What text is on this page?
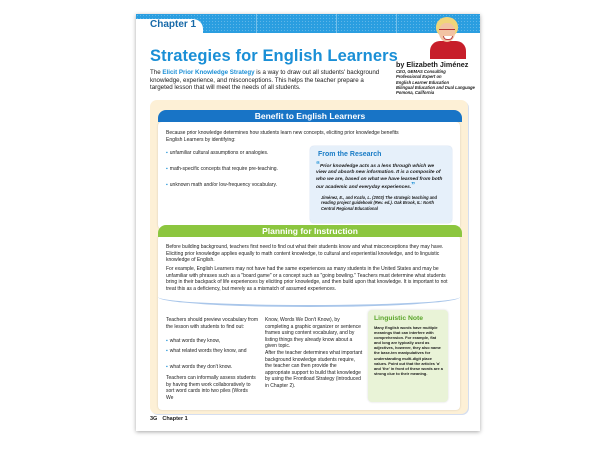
Chapter 1
Strategies for English Learners
The Elicit Prior Knowledge Strategy is a way to draw out all students' background knowledge, experience, and misconceptions. This helps the teacher prepare a targeted lesson that will meet the needs of all students.
by Elizabeth Jiménez
CEO, GEMAS Consulting
Professional Expert on
English Learner Education
Bilingual Education and Dual Language
Pomona, California
Because prior knowledge determines how students learn new concepts, eliciting prior knowledge benefits English Learners by identifying:
▪ unfamiliar cultural assumptions or analogies.
▪ math-specific concepts that require pre-teaching.
▪ unknown math and/or low-frequency vocabulary.
From the Research
“Prior knowledge acts as a lens through which we view and absorb new information. It is a composite of who we are, based on what we have learned from both our academic and everyday experiences.”
Jiménez, E., and Kozlo, L. (2003) The strategic teaching and reading project guidebook (Rev. ed.). Oak Brook, IL: North Central Regional Educational
Benefit to English Learners
Before building background, teachers first need to find out what their students know and what misconceptions they may have. Eliciting prior knowledge applies equally to math content knowledge, to cultural and experiential knowledge, and to linguistic knowledge of English.
For example, English Learners may not have had the same experiences as many students in the United States and may be unfamiliar with phrases such as a "board game" or a concept such as "going bowling." Teachers must determine what students bring in their backpack of life experiences by eliciting prior knowledge, and then build upon that knowledge. It is important to not treat this as a deficiency, but merely as a mismatch of assumed experiences.
Teachers should preview vocabulary from the lesson with students to find out:
▪ what words they know,
▪ what related words they know, and
▪ what words they don't know.
Teachers can informally assess students by having them work collaboratively to sort word cards into two piles (Words We
Know, Words We Don't Know), by completing a graphic organizer or sentence frames using content vocabulary, and by listing things they already know about a given topic.
After the teacher determines what important background knowledge students require, the teacher can then provide the appropriate support to build that knowledge by using the Frontload Strategy (introduced in Chapter 2).
Linguistic Note
Many English words have multiple meanings that can interfere with comprehension. For example, flat and long are typically used as adjectives, however, they also name the base-ten manipulatives for understanding multi-digit place values. Point out that the articles 'a' and 'the' in front of these words are a strong clue to their meaning.
Planning for Instruction
3G Chapter 1
